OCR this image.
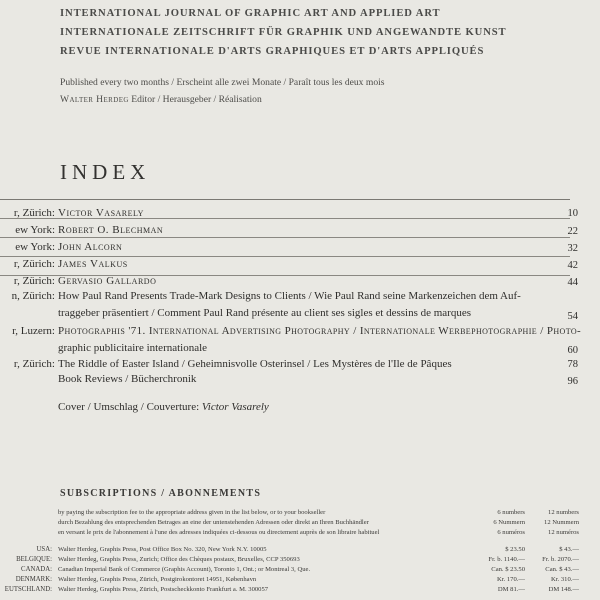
INTERNATIONAL JOURNAL OF GRAPHIC ART AND APPLIED ART
INTERNATIONALE ZEITSCHRIFT FÜR GRAPHIK UND ANGEWANDTE KUNST
REVUE INTERNATIONALE D'ARTS GRAPHIQUES ET D'ARTS APPLIQUÉS
Published every two months / Erscheint alle zwei Monate / Paraît tous les deux mois
Walter Herdeg Editor / Herausgeber / Réalisation
INDEX
r, Zürich: Victor Vasarely	10
ew York: Robert O. Blechman	22
ew York: John Alcorn	32
r, Zürich: James Valkus	42
r, Zürich: Gervasio Gallardo	44
n, Zürich: How Paul Rand Presents Trade-Mark Designs to Clients / Wie Paul Rand seine Markenzeichen dem Auf-
traggeber präsentiert / Comment Paul Rand présente au client ses sigles et dessins de marques	54
r, Luzern: Photographis '71. International Advertising Photography / Internationale Werbephotographie / Photo-
graphic publicitaire internationale	60
r, Zürich: The Riddle of Easter Island / Geheimnisvolle Osterinsel / Les Mystères de l'Ile de Pâques	78
Book Reviews / Bücherchronik	96
Cover / Umschlag / Couverture: Victor Vasarely
SUBSCRIPTIONS / ABONNEMENTS
by paying the subscription fee to the appropriate address given in the list below, or to your bookseller	6 numbers	12 numbers
durch Bezahlung des entsprechenden Betrages an eine der untenstehenden Adressen oder direkt an Ihren Buchhändler	6 Nummern	12 Nummern
en versant le prix de l'abonnement à l'une des adresses indiquées ci-dessous ou directement auprès de son libraire habituel	6 numéros	12 numéros
USA: Walter Herdeg, Graphis Press, Post Office Box No. 320, New York N.Y. 10005	$ 23.50	$ 43.—
BELGIQUE: Walter Herdeg, Graphis Press, Zurich; Office des Chèques postaux, Bruxelles, CCP 350693	Fr. b. 1140.—	Fr. b. 2070.—
CANADA: Canadian Imperial Bank of Commerce (Graphis Account), Toronto 1, Ont.; or Montreal 3, Que.	Can. $ 23.50	Can. $ 43.—
DENMARK: Walter Herdeg, Graphis Press, Zürich, Postgirokontoret 14951, København	Kr. 170.—	Kr. 310.—
EUTSCHLAND: Walter Herdeg, Graphis Press, Zürich, Postscheckkonto Frankfurt a. M. 300057	DM 81.—	DM 148.—
